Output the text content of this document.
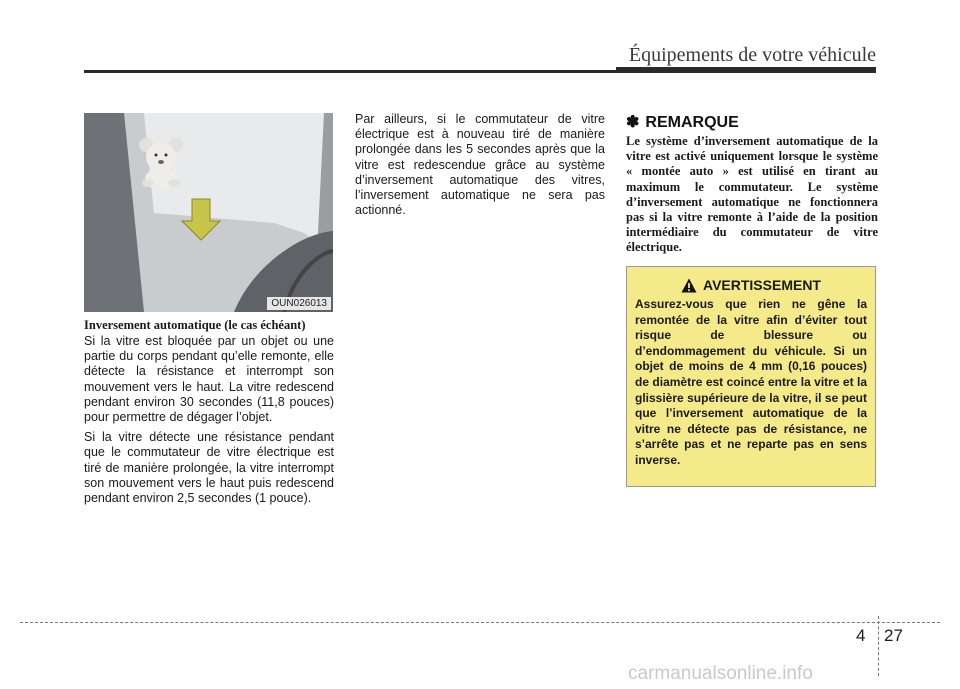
Équipements de votre véhicule
OUN026013
Inversement automatique (le cas échéant)

Si la vitre est bloquée par un objet ou une partie du corps pendant qu’elle remonte, elle détecte la résistance et interrompt son mouvement vers le haut. La vitre redescend pendant environ 30 secondes (11,8 pouces) pour permettre de dégager l’objet.

Si la vitre détecte une résistance pendant que le commutateur de vitre électrique est tiré de manière prolongée, la vitre interrompt son mouvement vers le haut puis redescend pendant environ 2,5 secondes (1 pouce).

Par ailleurs, si le commutateur de vitre électrique est à nouveau tiré de manière prolongée dans les 5 secondes après que la vitre est redescendue grâce au système d’inversement automatique des vitres, l’inversement automatique ne sera pas actionné.

✽ REMARQUE
Le système d’inversement automatique de la vitre est activé uniquement lorsque le système « montée auto » est utilisé en tirant au maximum le commutateur. Le système d’inversement automatique ne fonctionnera pas si la vitre remonte à l’aide de la position intermédiaire du commutateur de vitre électrique.
AVERTISSEMENT
Assurez-vous que rien ne gêne la remontée de la vitre afin d’éviter tout risque de blessure ou d’endommagement du véhicule. Si un objet de moins de 4 mm (0,16 pouces) de diamètre est coincé entre la vitre et la glissière supérieure de la vitre, il se peut que l’inversement automatique de la vitre ne détecte pas de résistance, ne s’arrête pas et ne reparte pas en sens inverse.
4 27
carmanualsonline.info
